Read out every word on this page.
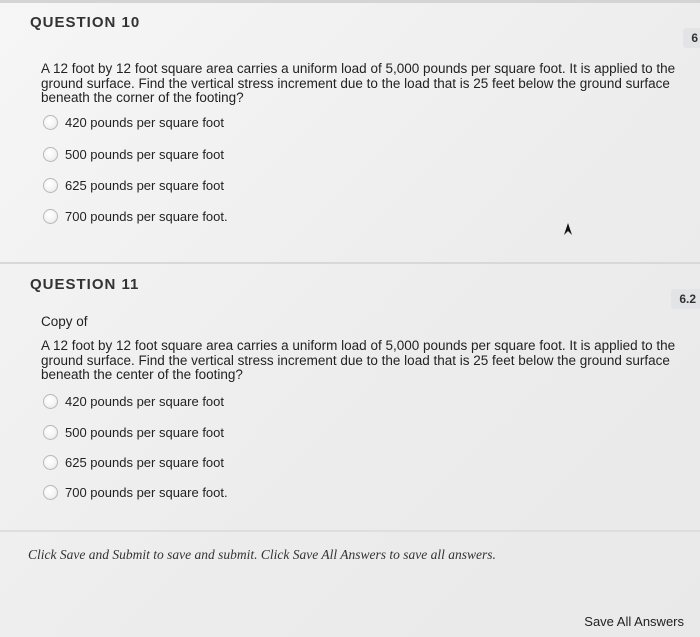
QUESTION 10
6
A 12 foot by 12 foot square area carries a uniform load of 5,000 pounds per square foot. It is applied to the ground surface. Find the vertical stress increment due to the load that is 25 feet below the ground surface beneath the corner of the footing?
420 pounds per square foot
500 pounds per square foot
625 pounds per square foot
700 pounds per square foot.
QUESTION 11
6.2
Copy of
A 12 foot by 12 foot square area carries a uniform load of 5,000 pounds per square foot. It is applied to the ground surface. Find the vertical stress increment due to the load that is 25 feet below the ground surface beneath the center of the footing?
420 pounds per square foot
500 pounds per square foot
625 pounds per square foot
700 pounds per square foot.
Click Save and Submit to save and submit. Click Save All Answers to save all answers.
Save All Answers
